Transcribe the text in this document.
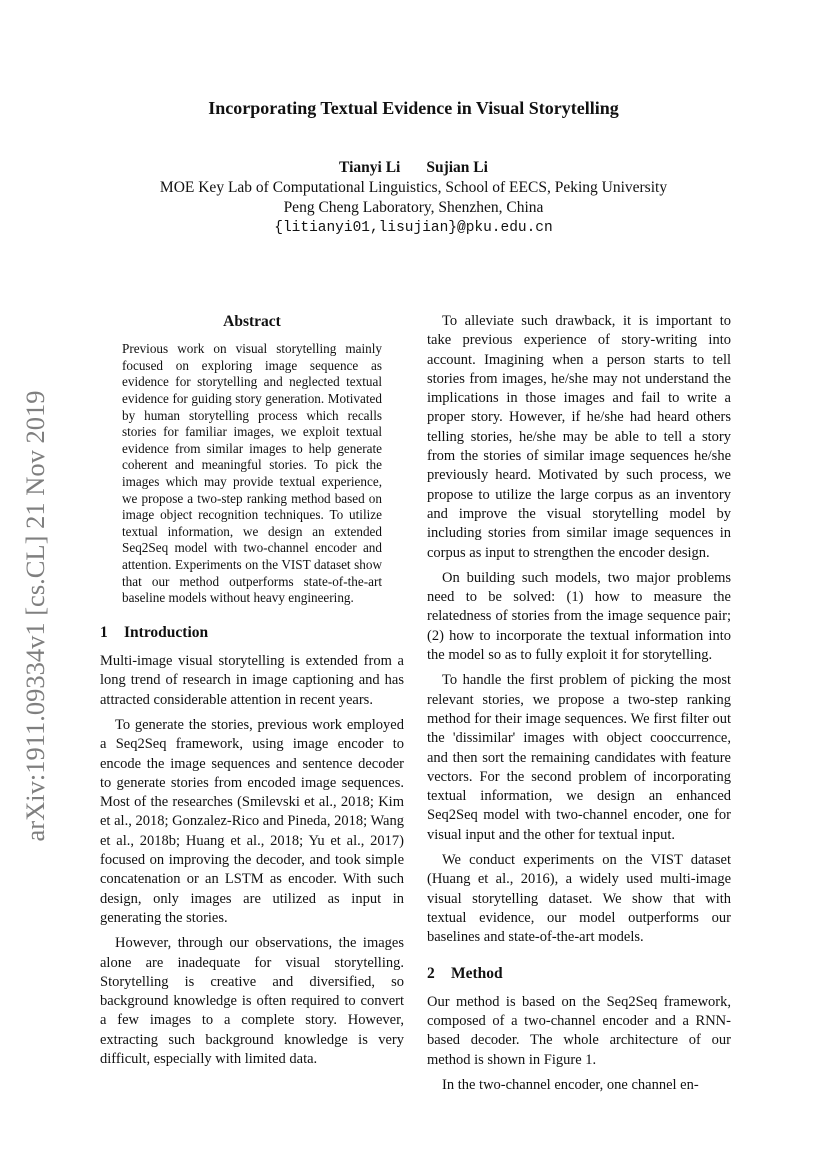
arXiv:1911.09334v1 [cs.CL] 21 Nov 2019
Incorporating Textual Evidence in Visual Storytelling
Tianyi Li Sujian Li
MOE Key Lab of Computational Linguistics, School of EECS, Peking University
Peng Cheng Laboratory, Shenzhen, China
{litianyi01,lisujian}@pku.edu.cn
Abstract
Previous work on visual storytelling mainly focused on exploring image sequence as evidence for storytelling and neglected textual evidence for guiding story generation. Motivated by human storytelling process which recalls stories for familiar images, we exploit textual evidence from similar images to help generate coherent and meaningful stories. To pick the images which may provide textual experience, we propose a two-step ranking method based on image object recognition techniques. To utilize textual information, we design an extended Seq2Seq model with two-channel encoder and attention. Experiments on the VIST dataset show that our method outperforms state-of-the-art baseline models without heavy engineering.
1 Introduction

Multi-image visual storytelling is extended from a long trend of research in image captioning and has attracted considerable attention in recent years.

To generate the stories, previous work employed a Seq2Seq framework, using image encoder to encode the image sequences and sentence decoder to generate stories from encoded image sequences. Most of the researches (Smilevski et al., 2018; Kim et al., 2018; Gonzalez-Rico and Pineda, 2018; Wang et al., 2018b; Huang et al., 2018; Yu et al., 2017) focused on improving the decoder, and took simple concatenation or an LSTM as encoder. With such design, only images are utilized as input in generating the stories.

However, through our observations, the images alone are inadequate for visual storytelling. Storytelling is creative and diversified, so background knowledge is often required to convert a few images to a complete story. However, extracting such background knowledge is very difficult, especially with limited data.

To alleviate such drawback, it is important to take previous experience of story-writing into account. Imagining when a person starts to tell stories from images, he/she may not understand the implications in those images and fail to write a proper story. However, if he/she had heard others telling stories, he/she may be able to tell a story from the stories of similar image sequences he/she previously heard. Motivated by such process, we propose to utilize the large corpus as an inventory and improve the visual storytelling model by including stories from similar image sequences in corpus as input to strengthen the encoder design.

On building such models, two major problems need to be solved: (1) how to measure the relatedness of stories from the image sequence pair; (2) how to incorporate the textual information into the model so as to fully exploit it for storytelling.

To handle the first problem of picking the most relevant stories, we propose a two-step ranking method for their image sequences. We first filter out the 'dissimilar' images with object cooccurrence, and then sort the remaining candidates with feature vectors. For the second problem of incorporating textual information, we design an enhanced Seq2Seq model with two-channel encoder, one for visual input and the other for textual input.

We conduct experiments on the VIST dataset (Huang et al., 2016), a widely used multi-image visual storytelling dataset. We show that with textual evidence, our model outperforms our baselines and state-of-the-art models.

2 Method

Our method is based on the Seq2Seq framework, composed of a two-channel encoder and a RNN-based decoder. The whole architecture of our method is shown in Figure 1.

In the two-channel encoder, one channel en-
